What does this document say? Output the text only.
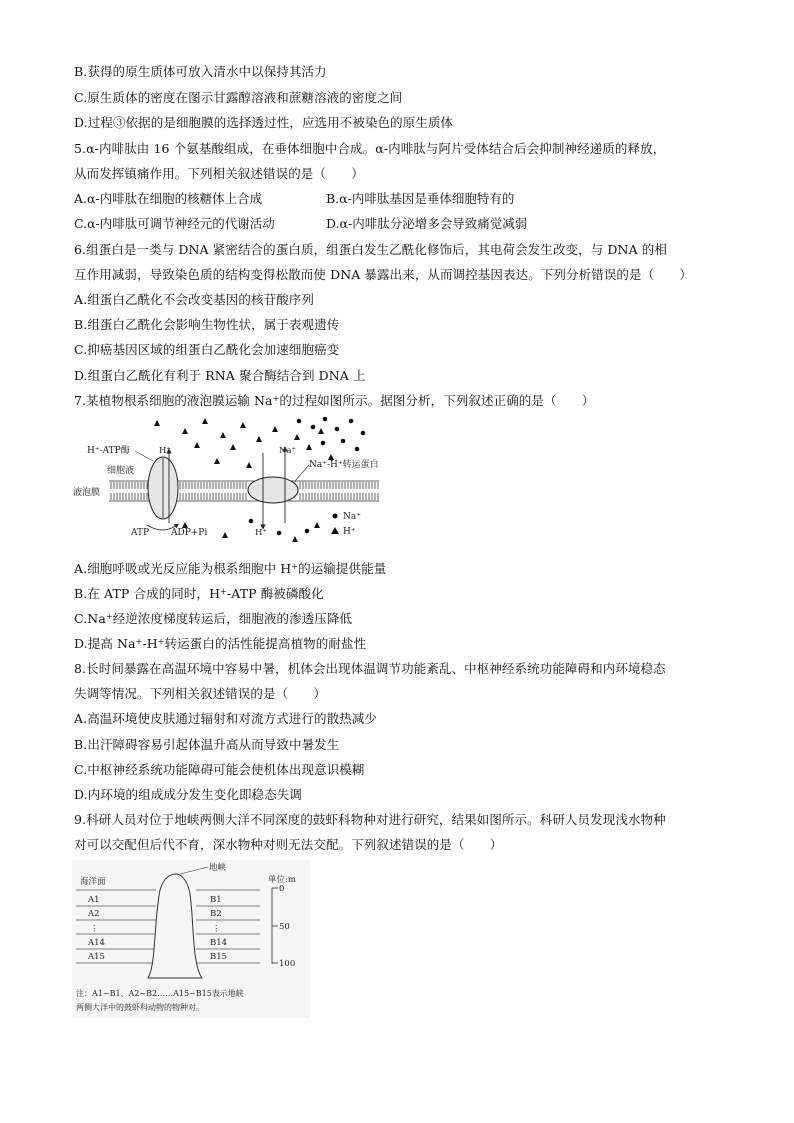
B.获得的原生质体可放入清水中以保持其活力
C.原生质体的密度在图示甘露醇溶液和蔗糖溶液的密度之间
D.过程③依据的是细胞膜的选择透过性，应选用不被染色的原生质体
5.α-内啡肽由 16 个氨基酸组成，在垂体细胞中合成。α-内啡肽与阿片受体结合后会抑制神经递质的释放，
从而发挥镇痛作用。下列相关叙述错误的是（　　）
A.α-内啡肽在细胞的核糖体上合成	B.α-内啡肽基因是垂体细胞特有的
C.α-内啡肽可调节神经元的代谢活动	D.α-内啡肽分泌增多会导致痛觉减弱
6.组蛋白是一类与 DNA 紧密结合的蛋白质，组蛋白发生乙酰化修饰后，其电荷会发生改变，与 DNA 的相
互作用减弱，导致染色质的结构变得松散而使 DNA 暴露出来，从而调控基因表达。下列分析错误的是（　　）
A.组蛋白乙酰化不会改变基因的核苷酸序列
B.组蛋白乙酰化会影响生物性状，属于表观遗传
C.抑癌基因区域的组蛋白乙酰化会加速细胞癌变
D.组蛋白乙酰化有利于 RNA 聚合酶结合到 DNA 上
7.某植物根系细胞的液泡膜运输 Na+的过程如图所示。据图分析，下列叙述正确的是（　　）
H⁺-ATP酶
细胞液
液泡膜
H⁺	Na⁺
Na⁺-H⁺转运蛋白
ATP ADP+Pi	H⁺
Na⁺
H⁺
A.细胞呼吸或光反应能为根系细胞中 H+的运输提供能量
B.在 ATP 合成的同时，H+-ATP 酶被磷酸化
C.Na+经逆浓度梯度转运后，细胞液的渗透压降低
D.提高 Na+-H+转运蛋白的活性能提高植物的耐盐性
8.长时间暴露在高温环境中容易中暑，机体会出现体温调节功能紊乱、中枢神经系统功能障碍和内环境稳态
失调等情况。下列相关叙述错误的是（　　）
A.高温环境使皮肤通过辐射和对流方式进行的散热减少
B.出汗障碍容易引起体温升高从而导致中暑发生
C.中枢神经系统功能障碍可能会使机体出现意识模糊
D.内环境的组成成分发生变化即稳态失调
9.科研人员对位于地峡两侧大洋不同深度的鼓虾科物种对进行研究，结果如图所示。科研人员发现浅水物种
对可以交配但后代不育，深水物种对则无法交配。下列叙述错误的是（　　）
地峡
海洋面
A1
A2
⋮
A14
A15
B1
B2
⋮
B14
B15
单位:m
0
50
100
注：A1~B1、A2~B2……A15~B15表示地峡
两侧大洋中的鼓虾科动物的物种对。
